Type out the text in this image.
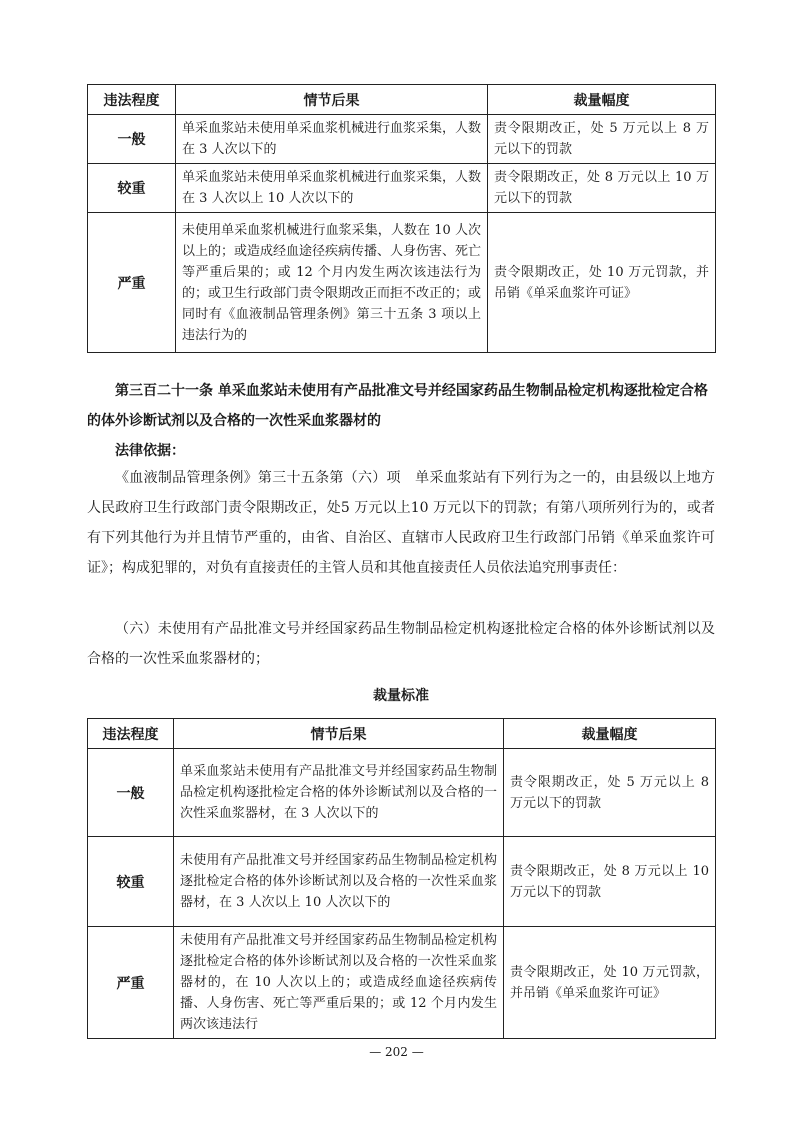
违法程度	情节后果	裁量幅度
一般	单采血浆站未使用单采血浆机械进行血浆采集，人数在 3 人次以下的	责令限期改正，处 5 万元以上 8 万元以下的罚款
较重	单采血浆站未使用单采血浆机械进行血浆采集，人数在 3 人次以上 10 人次以下的	责令限期改正，处 8 万元以上 10 万元以下的罚款
严重	未使用单采血浆机械进行血浆采集，人数在 10 人次以上的；或造成经血途径疾病传播、人身伤害、死亡等严重后果的；或 12 个月内发生两次该违法行为的；或卫生行政部门责令限期改正而拒不改正的；或同时有《血液制品管理条例》第三十五条 3 项以上违法行为的	责令限期改正，处 10 万元罚款，并吊销《单采血浆许可证》
第三百二十一条 单采血浆站未使用有产品批准文号并经国家药品生物制品检定机构逐批检定合格的体外诊断试剂以及合格的一次性采血浆器材的
法律依据：
《血液制品管理条例》第三十五条第（六）项　单采血浆站有下列行为之一的，由县级以上地方人民政府卫生行政部门责令限期改正，处5 万元以上10 万元以下的罚款；有第八项所列行为的，或者有下列其他行为并且情节严重的，由省、自治区、直辖市人民政府卫生行政部门吊销《单采血浆许可证》；构成犯罪的，对负有直接责任的主管人员和其他直接责任人员依法追究刑事责任：
（六）未使用有产品批准文号并经国家药品生物制品检定机构逐批检定合格的体外诊断试剂以及合格的一次性采血浆器材的；
裁量标准
违法程度	情节后果	裁量幅度
一般	单采血浆站未使用有产品批准文号并经国家药品生物制品检定机构逐批检定合格的体外诊断试剂以及合格的一次性采血浆器材，在 3 人次以下的	责令限期改正，处 5 万元以上 8 万元以下的罚款
较重	未使用有产品批准文号并经国家药品生物制品检定机构逐批检定合格的体外诊断试剂以及合格的一次性采血浆器材，在 3 人次以上 10 人次以下的	责令限期改正，处 8 万元以上 10 万元以下的罚款
严重	未使用有产品批准文号并经国家药品生物制品检定机构逐批检定合格的体外诊断试剂以及合格的一次性采血浆器材的，在 10 人次以上的；或造成经血途径疾病传播、人身伤害、死亡等严重后果的；或 12 个月内发生两次该违法行	责令限期改正，处 10 万元罚款，并吊销《单采血浆许可证》
— 202 —
